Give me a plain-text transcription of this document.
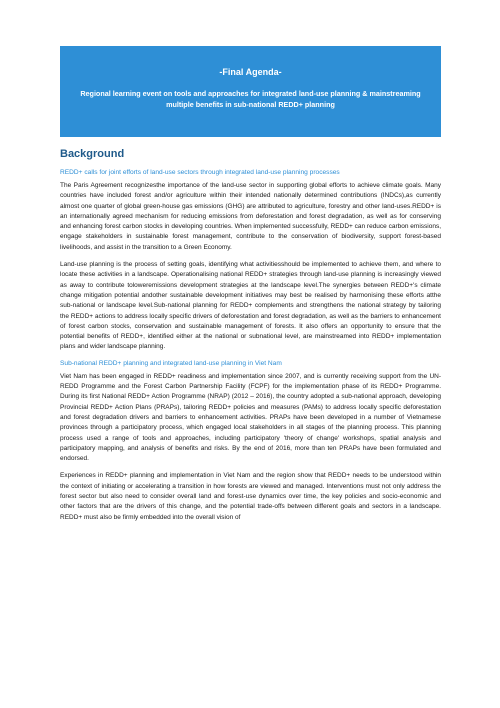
-Final Agenda-
Regional learning event on tools and approaches for integrated land-use planning & mainstreaming multiple benefits in sub-national REDD+ planning
Background
REDD+ calls for joint efforts of land-use sectors through integrated land-use planning processes

The Paris Agreement recognizesthe importance of the land-use sector in supporting global efforts to achieve climate goals. Many countries have included forest and/or agriculture within their intended nationally determined contributions (INDCs),as currently almost one quarter of global green-house gas emissions (GHG) are attributed to agriculture, forestry and other land-uses.REDD+ is an internationally agreed mechanism for reducing emissions from deforestation and forest degradation, as well as for conserving and enhancing forest carbon stocks in developing countries. When implemented successfully, REDD+ can reduce carbon emissions, engage stakeholders in sustainable forest management, contribute to the conservation of biodiversity, support forest-based livelihoods, and assist in the transition to a Green Economy.

Land-use planning is the process of setting goals, identifying what activitiesshould be implemented to achieve them, and where to locate these activities in a landscape. Operationalising national REDD+ strategies through land-use planning is increasingly viewed as away to contribute toloweremissions development strategies at the landscape level.The synergies between REDD+'s climate change mitigation potential andother sustainable development initiatives may best be realised by harmonising these efforts atthe sub-national or landscape level.Sub-national planning for REDD+ complements and strengthens the national strategy by tailoring the REDD+ actions to address locally specific drivers of deforestation and forest degradation, as well as the barriers to enhancement of forest carbon stocks, conservation and sustainable management of forests. It also offers an opportunity to ensure that the potential benefits of REDD+, identified either at the national or subnational level, are mainstreamed into REDD+ implementation plans and wider landscape planning.

Sub-national REDD+ planning and integrated land-use planning in Viet Nam

Viet Nam has been engaged in REDD+ readiness and implementation since 2007, and is currently receiving support from the UN-REDD Programme and the Forest Carbon Partnership Facility (FCPF) for the implementation phase of its REDD+ Programme. During its first National REDD+ Action Programme (NRAP) (2012 – 2016), the country adopted a sub-national approach, developing Provincial REDD+ Action Plans (PRAPs), tailoring REDD+ policies and measures (PAMs) to address locally specific deforestation and forest degradation drivers and barriers to enhancement activities. PRAPs have been developed in a number of Vietnamese provinces through a participatory process, which engaged local stakeholders in all stages of the planning process. This planning process used a range of tools and approaches, including participatory 'theory of change' workshops, spatial analysis and participatory mapping, and analysis of benefits and risks. By the end of 2016, more than ten PRAPs have been formulated and endorsed.

Experiences in REDD+ planning and implementation in Viet Nam and the region show that REDD+ needs to be understood within the context of initiating or accelerating a transition in how forests are viewed and managed. Interventions must not only address the forest sector but also need to consider overall land and forest-use dynamics over time, the key policies and socio-economic and other factors that are the drivers of this change, and the potential trade-offs between different goals and sectors in a landscape. REDD+ must also be firmly embedded into the overall vision of
